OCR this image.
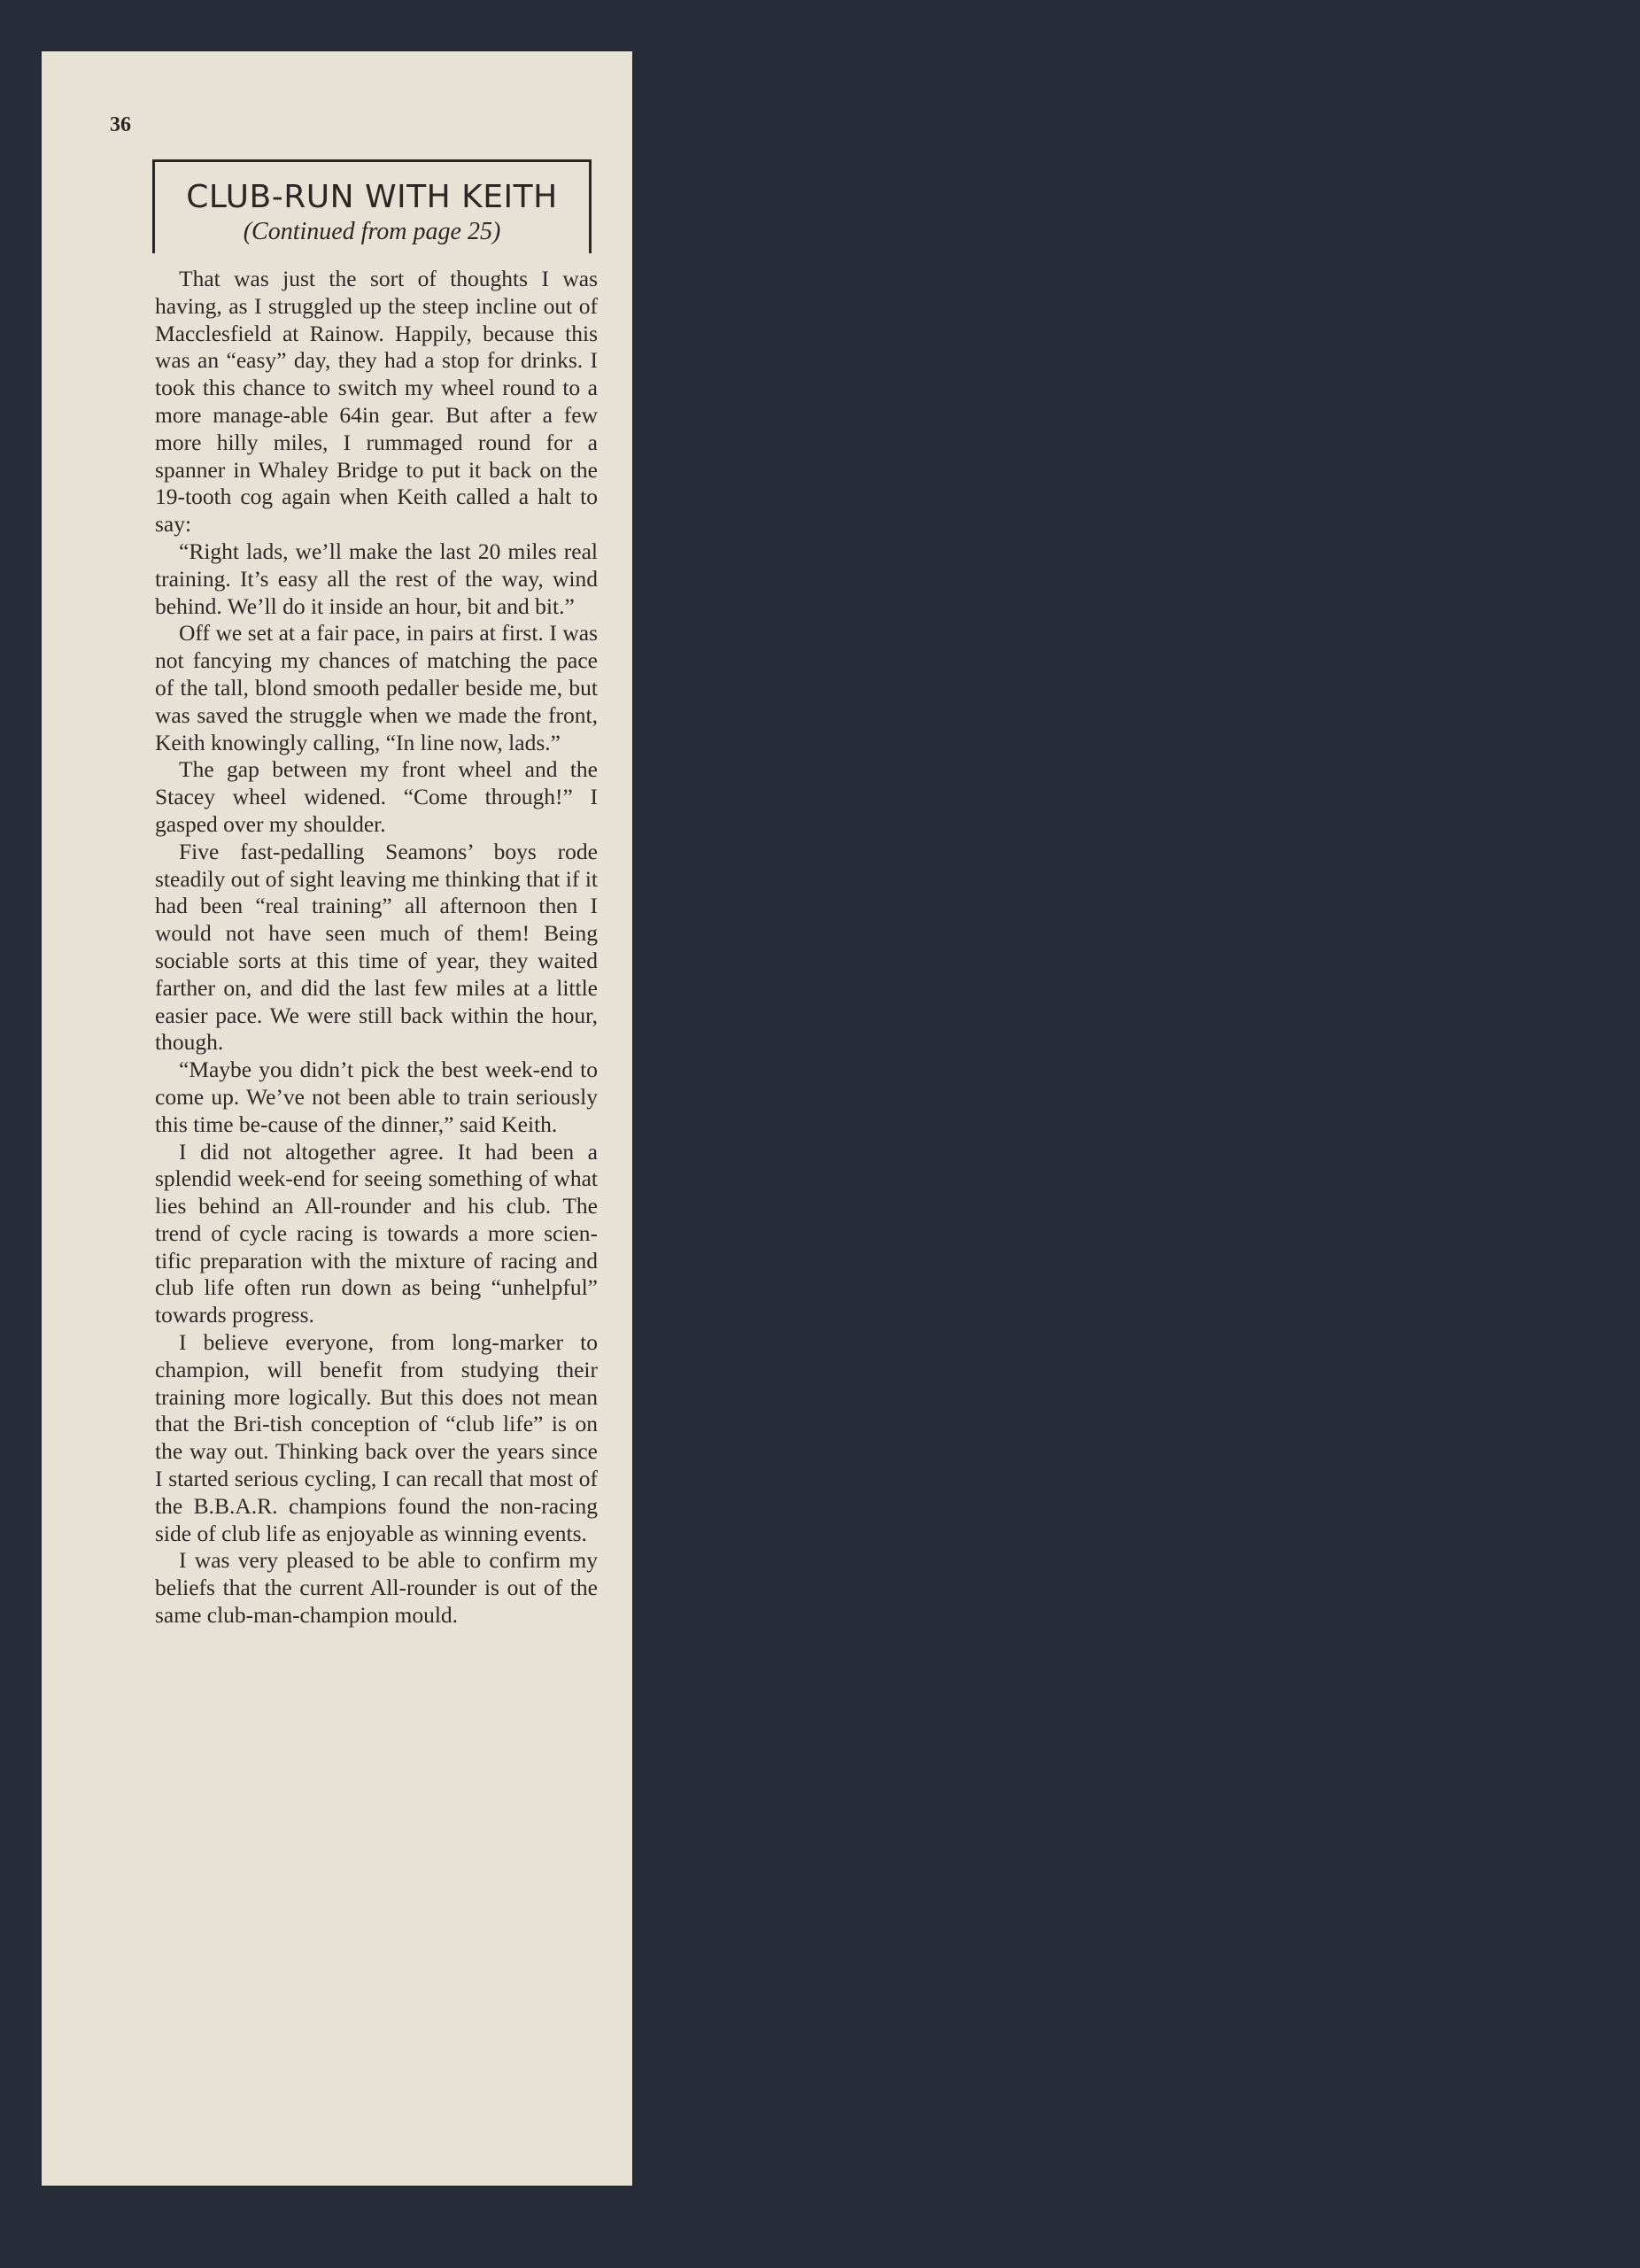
36
CLUB-RUN WITH KEITH
(Continued from page 25)

That was just the sort of thoughts I was having, as I struggled up the steep incline out of Macclesfield at Rainow. Happily, because this was an “easy” day, they had a stop for drinks. I took this chance to switch my wheel round to a more manage-able 64in gear. But after a few more hilly miles, I rummaged round for a spanner in Whaley Bridge to put it back on the 19-tooth cog again when Keith called a halt to say:

“Right lads, we’ll make the last 20 miles real training. It’s easy all the rest of the way, wind behind. We’ll do it inside an hour, bit and bit.”

Off we set at a fair pace, in pairs at first. I was not fancying my chances of matching the pace of the tall, blond smooth pedaller beside me, but was saved the struggle when we made the front, Keith knowingly calling, “In line now, lads.”

The gap between my front wheel and the Stacey wheel widened. “Come through!” I gasped over my shoulder.

Five fast-pedalling Seamons’ boys rode steadily out of sight leaving me thinking that if it had been “real training” all afternoon then I would not have seen much of them! Being sociable sorts at this time of year, they waited farther on, and did the last few miles at a little easier pace. We were still back within the hour, though.

“Maybe you didn’t pick the best week-end to come up. We’ve not been able to train seriously this time be-cause of the dinner,” said Keith.

I did not altogether agree. It had been a splendid week-end for seeing something of what lies behind an All-rounder and his club. The trend of cycle racing is towards a more scien-tific preparation with the mixture of racing and club life often run down as being “unhelpful” towards progress.

I believe everyone, from long-marker to champion, will benefit from studying their training more logically. But this does not mean that the Bri-tish conception of “club life” is on the way out. Thinking back over the years since I started serious cycling, I can recall that most of the B.B.A.R. champions found the non-racing side of club life as enjoyable as winning events.

I was very pleased to be able to confirm my beliefs that the current All-rounder is out of the same club-man-champion mould.
